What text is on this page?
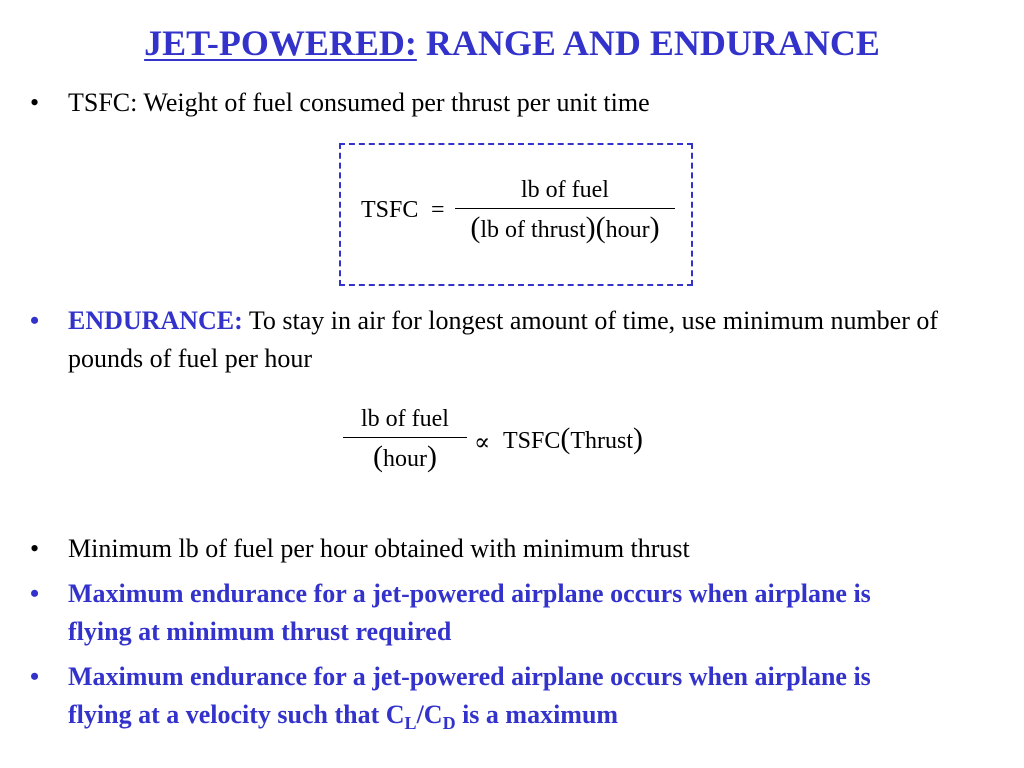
JET-POWERED: RANGE AND ENDURANCE
• TSFC: Weight of fuel consumed per thrust per unit time
TSFC =
lb of fuel
(lb of thrust)(hour)
• ENDURANCE: To stay in air for longest amount of time, use minimum number of pounds of fuel per hour
lb of fuel
(hour)	∝ TSFC(Thrust)
• Minimum lb of fuel per hour obtained with minimum thrust
• Maximum endurance for a jet-powered airplane occurs when airplane is flying at minimum thrust required
• Maximum endurance for a jet-powered airplane occurs when airplane is flying at a velocity such that $C_L/C_D$ is a maximum
